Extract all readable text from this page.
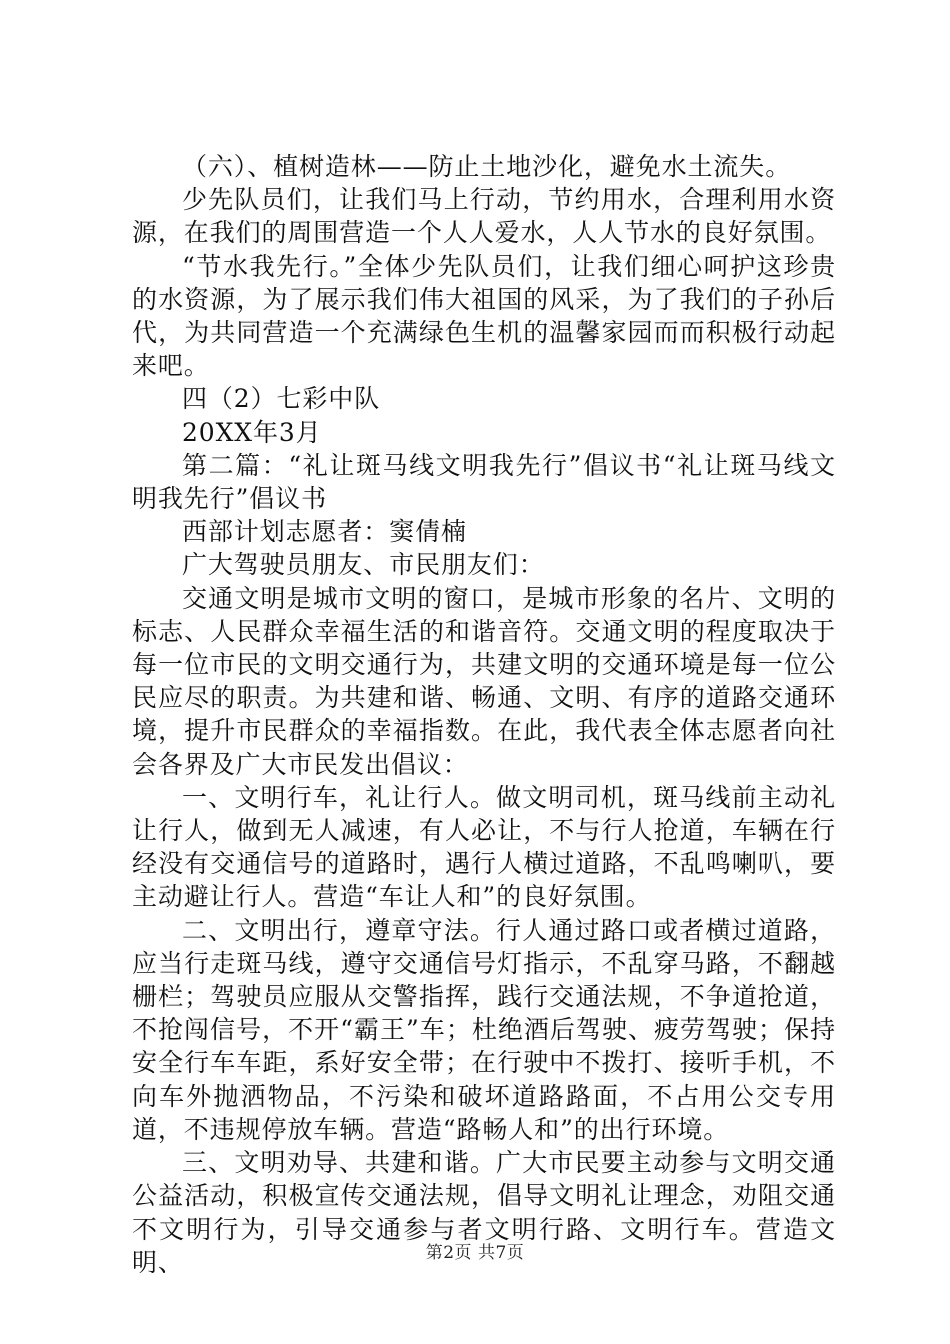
（六）、植树造林——防止土地沙化，避免水土流失。

少先队员们，让我们马上行动，节约用水，合理利用水资源，在我们的周围营造一个人人爱水，人人节水的良好氛围。

“节水我先行。”全体少先队员们，让我们细心呵护这珍贵的水资源，为了展示我们伟大祖国的风采，为了我们的子孙后代，为共同营造一个充满绿色生机的温馨家园而而积极行动起来吧。

四（2）七彩中队

20XX年3月

第二篇：“礼让斑马线文明我先行”倡议书“礼让斑马线文明我先行”倡议书

西部计划志愿者：窦倩楠

广大驾驶员朋友、市民朋友们：

交通文明是城市文明的窗口，是城市形象的名片、文明的标志、人民群众幸福生活的和谐音符。交通文明的程度取决于每一位市民的文明交通行为，共建文明的交通环境是每一位公民应尽的职责。为共建和谐、畅通、文明、有序的道路交通环境，提升市民群众的幸福指数。在此，我代表全体志愿者向社会各界及广大市民发出倡议：

一、文明行车，礼让行人。做文明司机，斑马线前主动礼让行人，做到无人减速，有人必让，不与行人抢道，车辆在行经没有交通信号的道路时，遇行人横过道路，不乱鸣喇叭，要主动避让行人。营造“车让人和”的良好氛围。

二、文明出行，遵章守法。行人通过路口或者横过道路，应当行走斑马线，遵守交通信号灯指示，不乱穿马路，不翻越栅栏；驾驶员应服从交警指挥，践行交通法规，不争道抢道，不抢闯信号，不开“霸王”车；杜绝酒后驾驶、疲劳驾驶；保持安全行车车距，系好安全带；在行驶中不拨打、接听手机，不向车外抛洒物品，不污染和破坏道路路面，不占用公交专用道，不违规停放车辆。营造“路畅人和”的出行环境。

三、文明劝导、共建和谐。广大市民要主动参与文明交通公益活动，积极宣传交通法规，倡导文明礼让理念，劝阻交通不文明行为，引导交通参与者文明行路、文明行车。营造文明、	第2页 共7页
